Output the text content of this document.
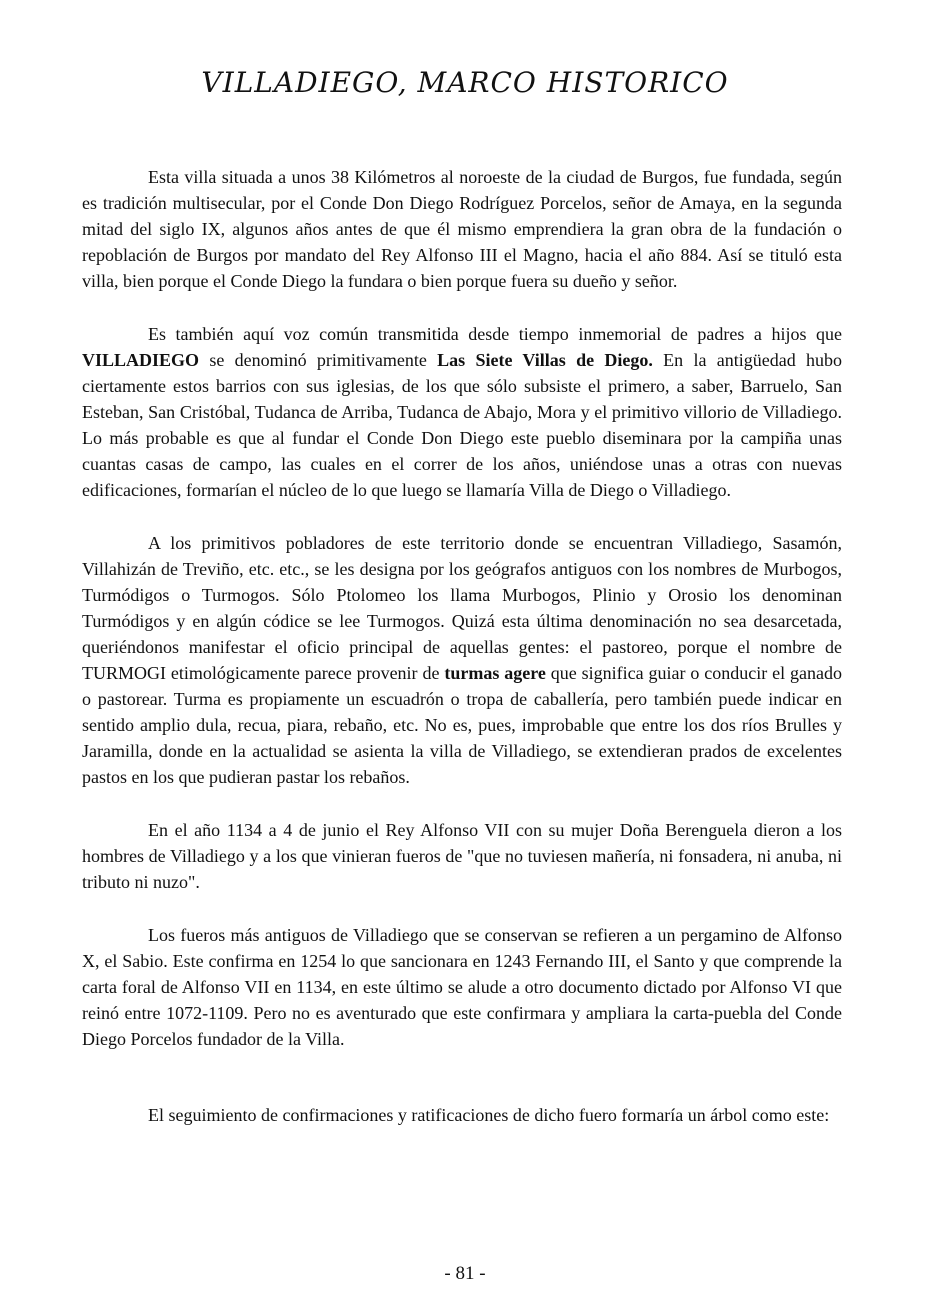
VILLADIEGO, MARCO HISTORICO

Esta villa situada a unos 38 Kilómetros al noroeste de la ciudad de Burgos, fue fundada, según es tradición multisecular, por el Conde Don Diego Rodríguez Porcelos, señor de Amaya, en la segunda mitad del siglo IX, algunos años antes de que él mismo emprendiera la gran obra de la fundación o repoblación de Burgos por mandato del Rey Alfonso III el Magno, hacia el año 884. Así se tituló esta villa, bien porque el Conde Diego la fundara o bien porque fuera su dueño y señor.

Es también aquí voz común transmitida desde tiempo inmemorial de padres a hijos que VILLADIEGO se denominó primitivamente Las Siete Villas de Diego. En la antigüedad hubo ciertamente estos barrios con sus iglesias, de los que sólo subsiste el primero, a saber, Barruelo, San Esteban, San Cristóbal, Tudanca de Arriba, Tudanca de Abajo, Mora y el primitivo villorio de Villadiego. Lo más probable es que al fundar el Conde Don Diego este pueblo diseminara por la campiña unas cuantas casas de campo, las cuales en el correr de los años, uniéndose unas a otras con nuevas edificaciones, formarían el núcleo de lo que luego se llamaría Villa de Diego o Villadiego.

A los primitivos pobladores de este territorio donde se encuentran Villadiego, Sasamón, Villahizán de Treviño, etc. etc., se les designa por los geógrafos antiguos con los nombres de Murbogos, Turmódigos o Turmogos. Sólo Ptolomeo los llama Murbogos, Plinio y Orosio los denominan Turmódigos y en algún códice se lee Turmogos. Quizá esta última denominación no sea desarcetada, queriéndonos manifestar el oficio principal de aquellas gentes: el pastoreo, porque el nombre de TURMOGI etimológicamente parece provenir de turmas agere que significa guiar o conducir el ganado o pastorear. Turma es propiamente un escuadrón o tropa de caballería, pero también puede indicar en sentido amplio dula, recua, piara, rebaño, etc. No es, pues, improbable que entre los dos ríos Brulles y Jaramilla, donde en la actualidad se asienta la villa de Villadiego, se extendieran prados de excelentes pastos en los que pudieran pastar los rebaños.

En el año 1134 a 4 de junio el Rey Alfonso VII con su mujer Doña Berenguela dieron a los hombres de Villadiego y a los que vinieran fueros de "que no tuviesen mañería, ni fonsadera, ni anuba, ni tributo ni nuzo".

Los fueros más antiguos de Villadiego que se conservan se refieren a un pergamino de Alfonso X, el Sabio. Este confirma en 1254 lo que sancionara en 1243 Fernando III, el Santo y que comprende la carta foral de Alfonso VII en 1134, en este último se alude a otro documento dictado por Alfonso VI que reinó entre 1072-1109. Pero no es aventurado que este confirmara y ampliara la carta-puebla del Conde Diego Porcelos fundador de la Villa.

El seguimiento de confirmaciones y ratificaciones de dicho fuero formaría un árbol como este:

- 81 -
